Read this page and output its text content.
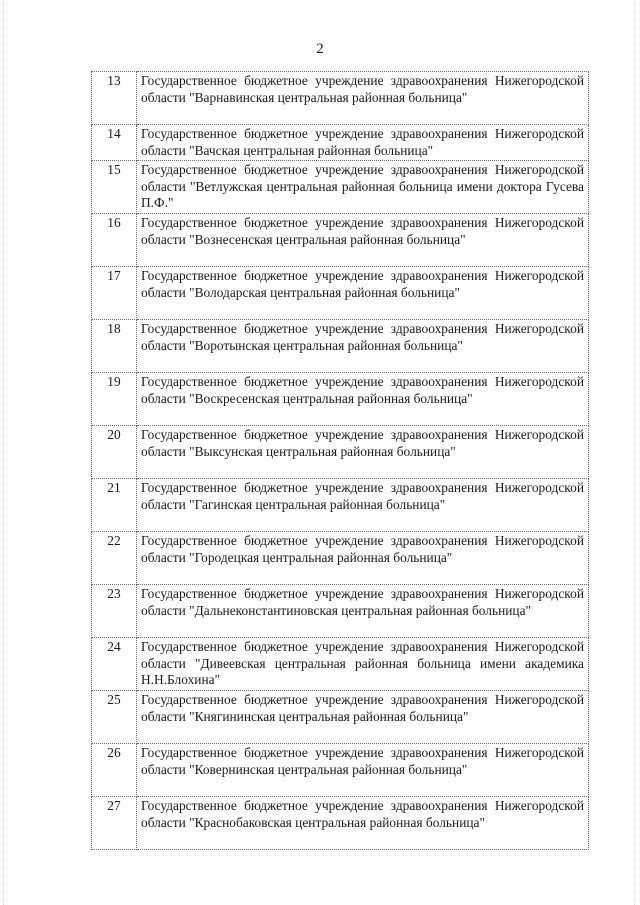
2
13	Государственное бюджетное учреждение здравоохранения Нижегородской области "Варнавинская центральная районная больница"
14	Государственное бюджетное учреждение здравоохранения Нижегородской области "Вачская центральная районная больница"
15	Государственное бюджетное учреждение здравоохранения Нижегородской области "Ветлужская центральная районная больница имени доктора Гусева П.Ф."
16	Государственное бюджетное учреждение здравоохранения Нижегородской области "Вознесенская центральная районная больница"
17	Государственное бюджетное учреждение здравоохранения Нижегородской области "Володарская центральная районная больница"
18	Государственное бюджетное учреждение здравоохранения Нижегородской области "Воротынская центральная районная больница"
19	Государственное бюджетное учреждение здравоохранения Нижегородской области "Воскресенская центральная районная больница"
20	Государственное бюджетное учреждение здравоохранения Нижегородской области "Выксунская центральная районная больница"
21	Государственное бюджетное учреждение здравоохранения Нижегородской области "Гагинская центральная районная больница"
22	Государственное бюджетное учреждение здравоохранения Нижегородской области "Городецкая центральная районная больница"
23	Государственное бюджетное учреждение здравоохранения Нижегородской области "Дальнеконстантиновская центральная районная больница"
24	Государственное бюджетное учреждение здравоохранения Нижегородской области "Дивеевская центральная районная больница имени академика Н.Н.Блохина"
25	Государственное бюджетное учреждение здравоохранения Нижегородской области "Княгининская центральная районная больница"
26	Государственное бюджетное учреждение здравоохранения Нижегородской области "Ковернинская центральная районная больница"
27	Государственное бюджетное учреждение здравоохранения Нижегородской области "Краснобаковская центральная районная больница"
